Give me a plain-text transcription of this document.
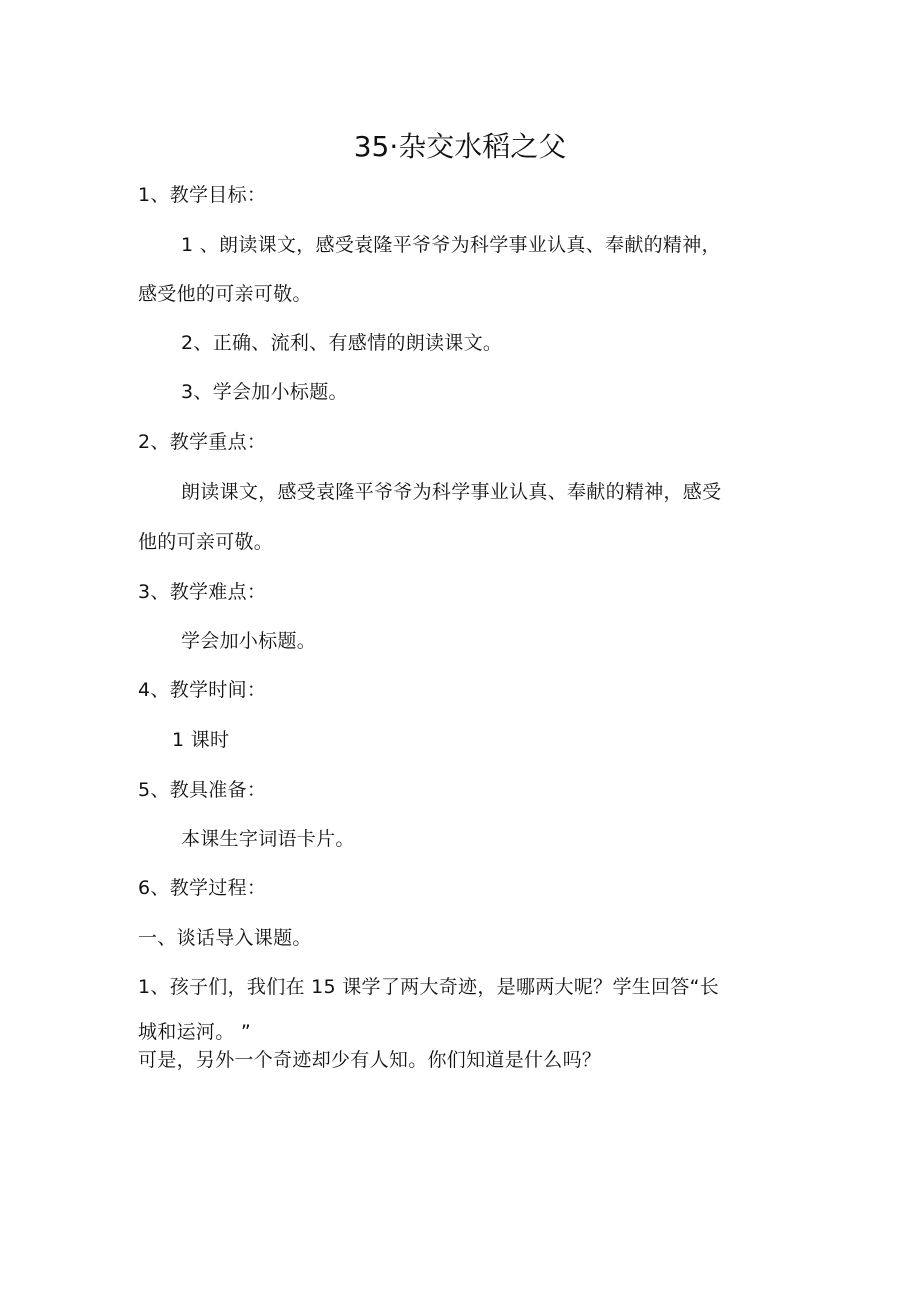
35·杂交水稻之父
1、教学目标：
1 、朗读课文，感受袁隆平爷爷为科学事业认真、奉献的精神，
感受他的可亲可敬。
2、正确、流利、有感情的朗读课文。
3、学会加小标题。
2、教学重点：
朗读课文，感受袁隆平爷爷为科学事业认真、奉献的精神，感受
他的可亲可敬。
3、教学难点：
学会加小标题。
4、教学时间：
1 课时
5、教具准备：
本课生字词语卡片。
6、教学过程：
一、谈话导入课题。
1、孩子们，我们在 15 课学了两大奇迹，是哪两大呢？学生回答“长
城和运河。 ”
可是，另外一个奇迹却少有人知。你们知道是什么吗？
